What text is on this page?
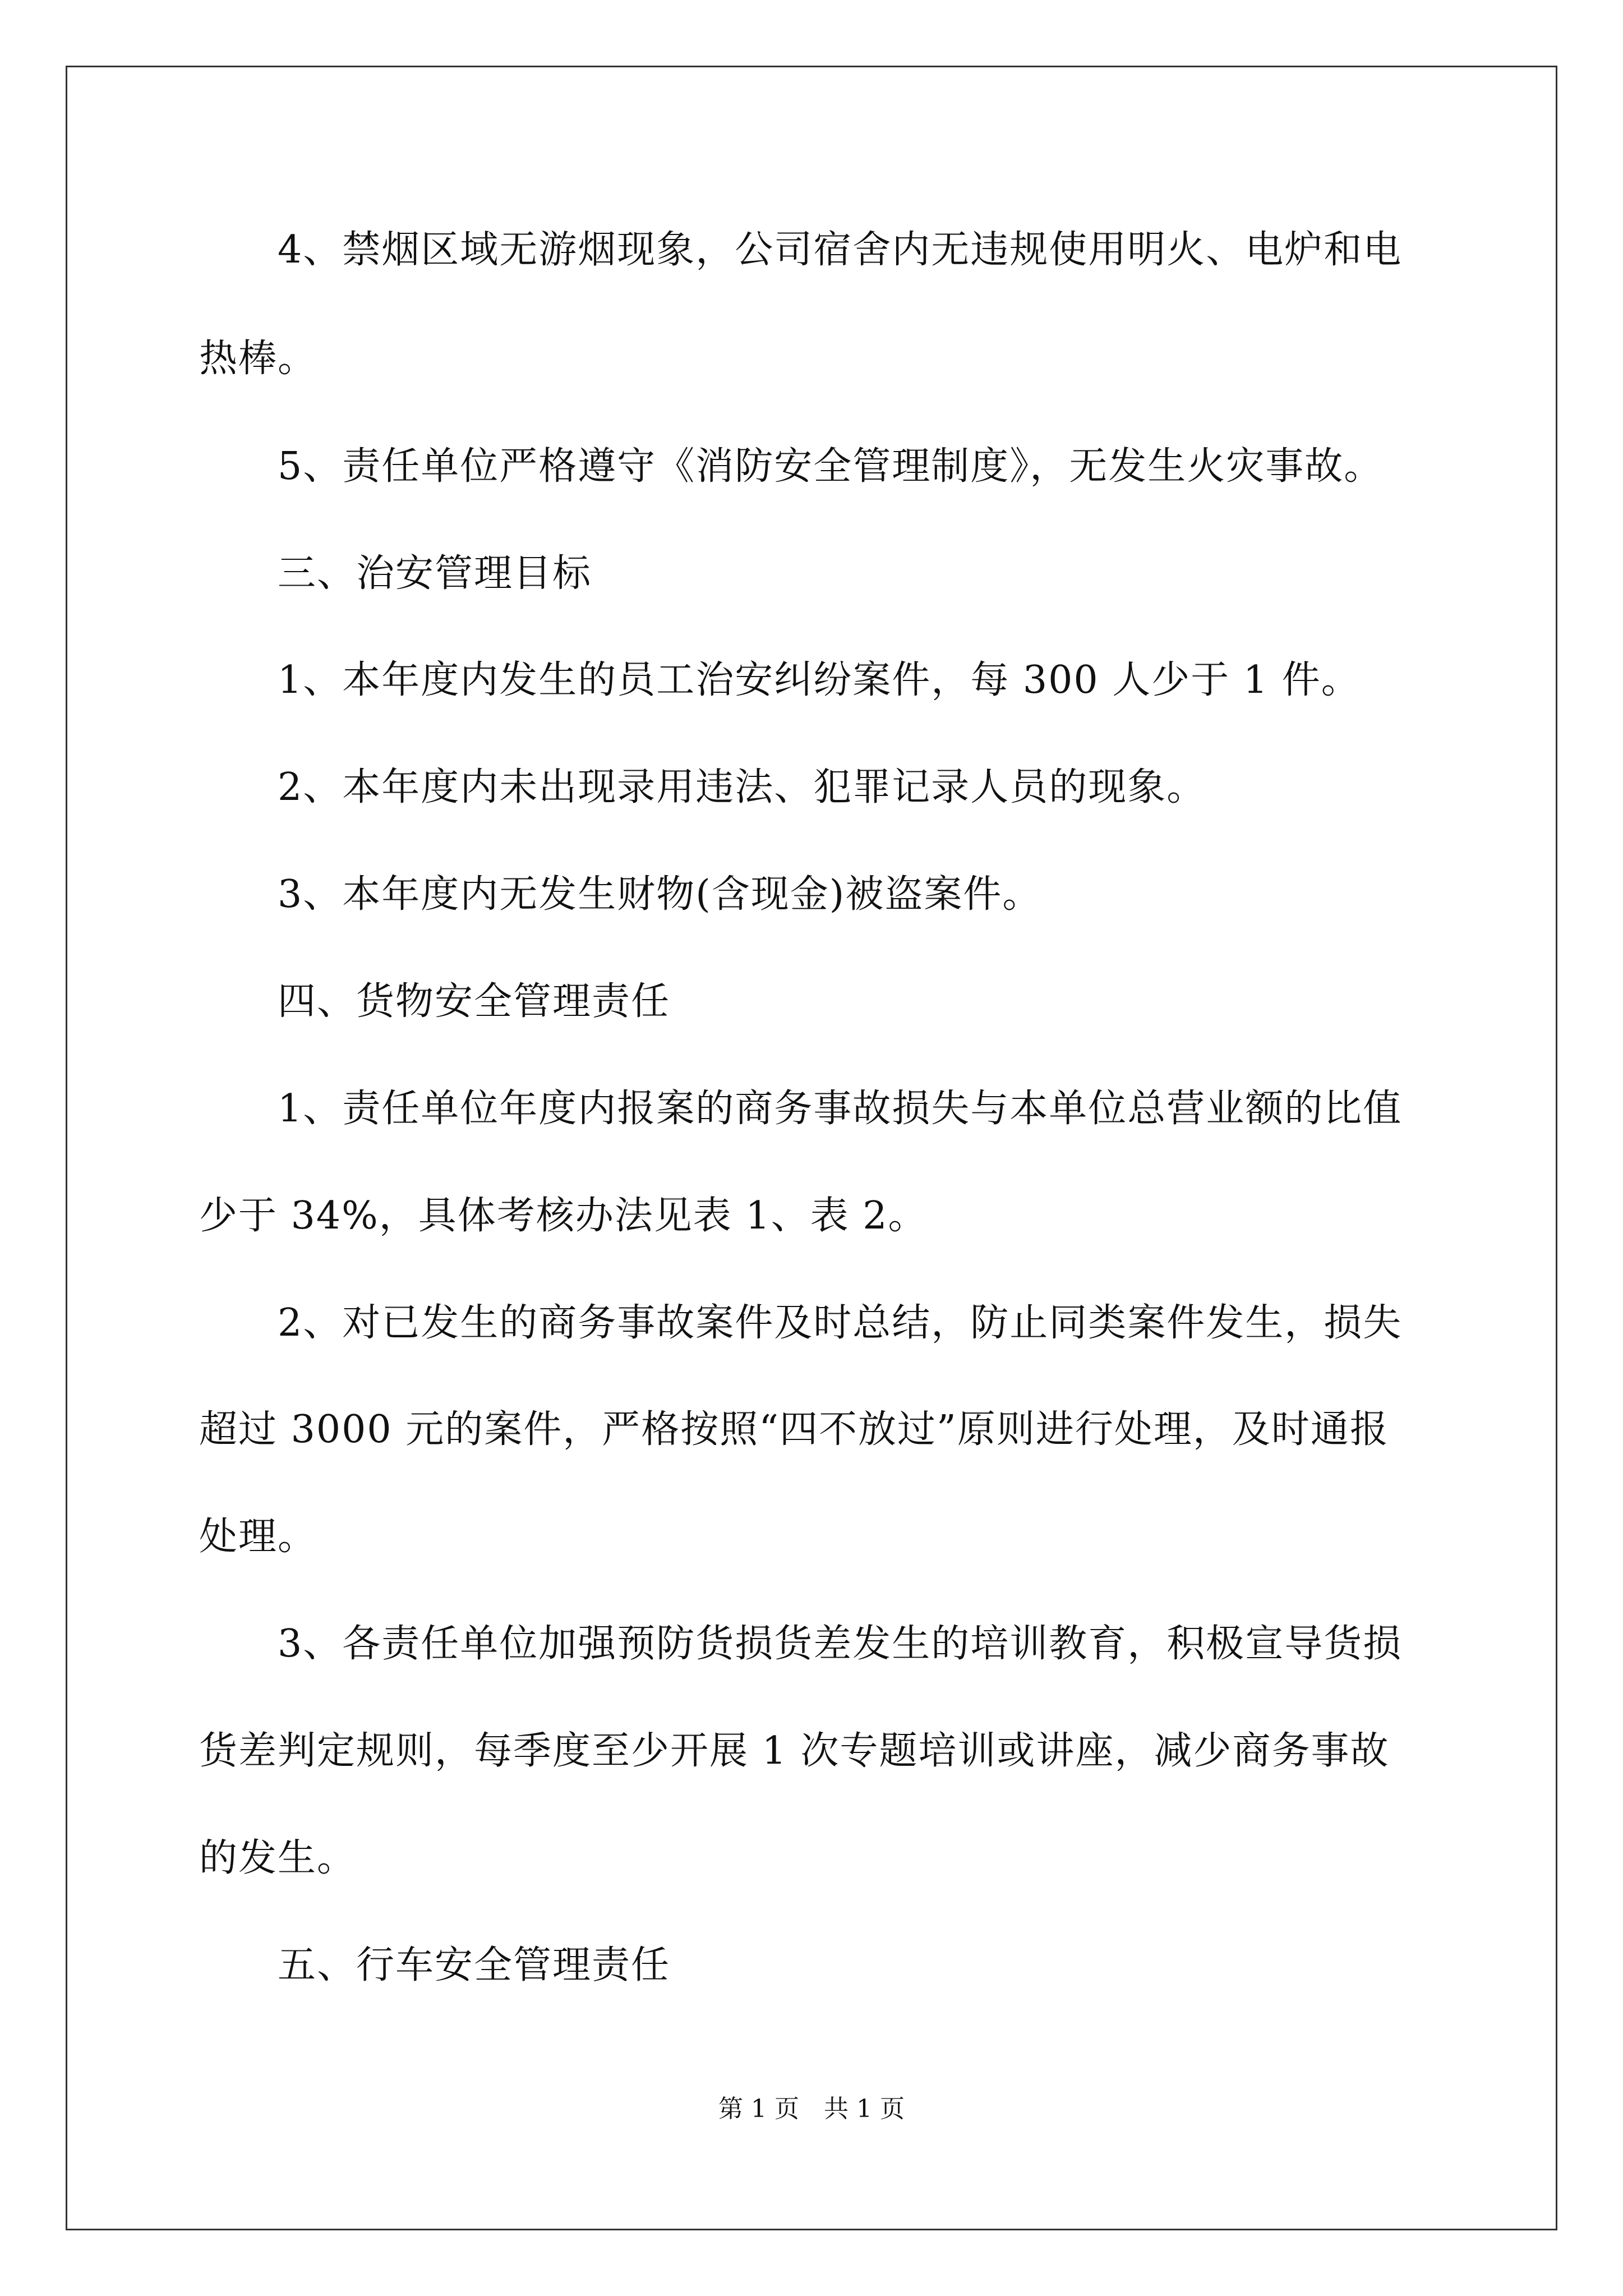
4、禁烟区域无游烟现象，公司宿舍内无违规使用明火、电炉和电
热棒。
5、责任单位严格遵守《消防安全管理制度》，无发生火灾事故。
三、治安管理目标
1、本年度内发生的员工治安纠纷案件，每 300 人少于 1 件。
2、本年度内未出现录用违法、犯罪记录人员的现象。
3、本年度内无发生财物(含现金)被盗案件。
四、货物安全管理责任
1、责任单位年度内报案的商务事故损失与本单位总营业额的比值
少于 34%，具体考核办法见表 1、表 2。
2、对已发生的商务事故案件及时总结，防止同类案件发生，损失
超过 3000 元的案件，严格按照“四不放过”原则进行处理，及时通报
处理。
3、各责任单位加强预防货损货差发生的培训教育，积极宣导货损
货差判定规则，每季度至少开展 1 次专题培训或讲座，减少商务事故
的发生。
五、行车安全管理责任
第 1 页　共 1 页
